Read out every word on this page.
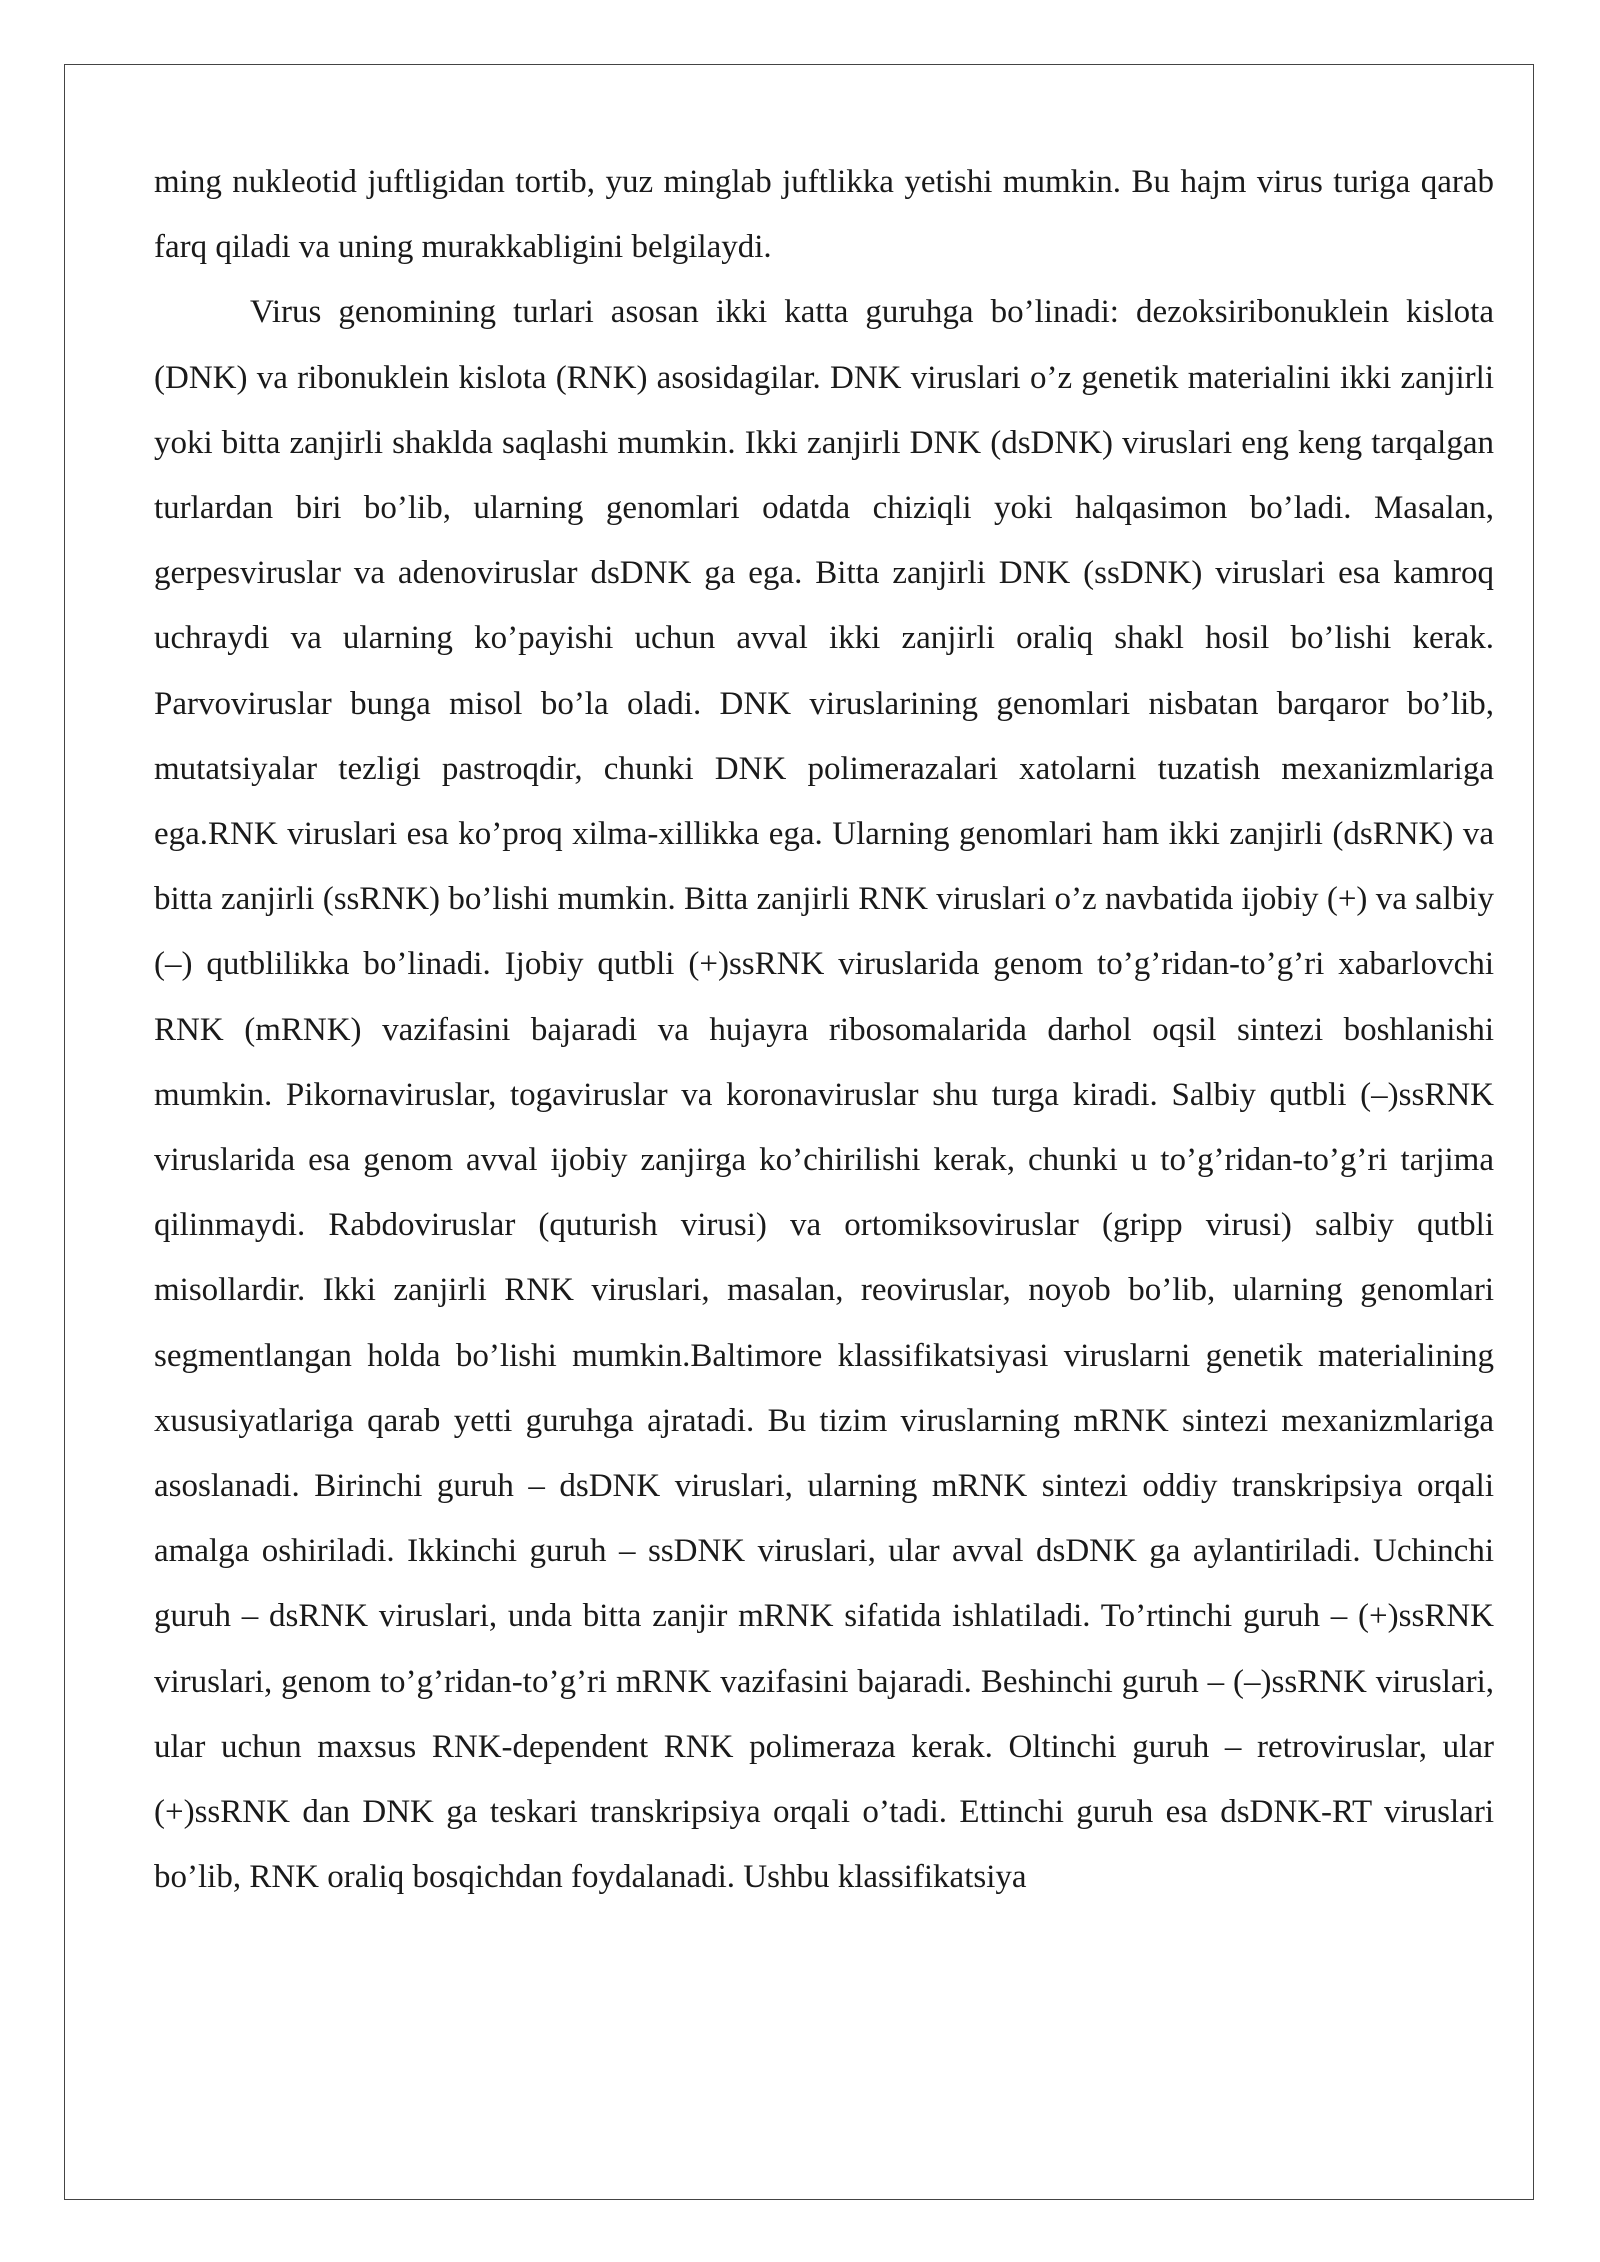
ming nukleotid juftligidan tortib, yuz minglab juftlikka yetishi mumkin. Bu hajm virus turiga qarab farq qiladi va uning murakkabligini belgilaydi.

Virus genomining turlari asosan ikki katta guruhga bo’linadi: dezoksiribonuklein kislota (DNK) va ribonuklein kislota (RNK) asosidagilar. DNK viruslari o’z genetik materialini ikki zanjirli yoki bitta zanjirli shaklda saqlashi mumkin. Ikki zanjirli DNK (dsDNK) viruslari eng keng tarqalgan turlardan biri bo’lib, ularning genomlari odatda chiziqli yoki halqasimon bo’ladi. Masalan, gerpesviruslar va adenoviruslar dsDNK ga ega. Bitta zanjirli DNK (ssDNK) viruslari esa kamroq uchraydi va ularning ko’payishi uchun avval ikki zanjirli oraliq shakl hosil bo’lishi kerak. Parvoviruslar bunga misol bo’la oladi. DNK viruslarining genomlari nisbatan barqaror bo’lib, mutatsiyalar tezligi pastroqdir, chunki DNK polimerazalari xatolarni tuzatish mexanizmlariga ega.RNK viruslari esa ko’proq xilma-xillikka ega. Ularning genomlari ham ikki zanjirli (dsRNK) va bitta zanjirli (ssRNK) bo’lishi mumkin. Bitta zanjirli RNK viruslari o’z navbatida ijobiy (+) va salbiy (–) qutblilikka bo’linadi. Ijobiy qutbli (+)ssRNK viruslarida genom to’g’ridan-to’g’ri xabarlovchi RNK (mRNK) vazifasini bajaradi va hujayra ribosomalarida darhol oqsil sintezi boshlanishi mumkin. Pikornaviruslar, togaviruslar va koronaviruslar shu turga kiradi. Salbiy qutbli (–)ssRNK viruslarida esa genom avval ijobiy zanjirga ko’chirilishi kerak, chunki u to’g’ridan-to’g’ri tarjima qilinmaydi. Rabdoviruslar (quturish virusi) va ortomiksoviruslar (gripp virusi) salbiy qutbli misollardir. Ikki zanjirli RNK viruslari, masalan, reoviruslar, noyob bo’lib, ularning genomlari segmentlangan holda bo’lishi mumkin.Baltimore klassifikatsiyasi viruslarni genetik materialining xususiyatlariga qarab yetti guruhga ajratadi. Bu tizim viruslarning mRNK sintezi mexanizmlariga asoslanadi. Birinchi guruh – dsDNK viruslari, ularning mRNK sintezi oddiy transkripsiya orqali amalga oshiriladi. Ikkinchi guruh – ssDNK viruslari, ular avval dsDNK ga aylantiriladi. Uchinchi guruh – dsRNK viruslari, unda bitta zanjir mRNK sifatida ishlatiladi. To’rtinchi guruh – (+)ssRNK viruslari, genom to’g’ridan-to’g’ri mRNK vazifasini bajaradi. Beshinchi guruh – (–)ssRNK viruslari, ular uchun maxsus RNK-dependent RNK polimeraza kerak. Oltinchi guruh – retroviruslar, ular (+)ssRNK dan DNK ga teskari transkripsiya orqali o’tadi. Ettinchi guruh esa dsDNK-RT viruslari bo’lib, RNK oraliq bosqichdan foydalanadi. Ushbu klassifikatsiya
